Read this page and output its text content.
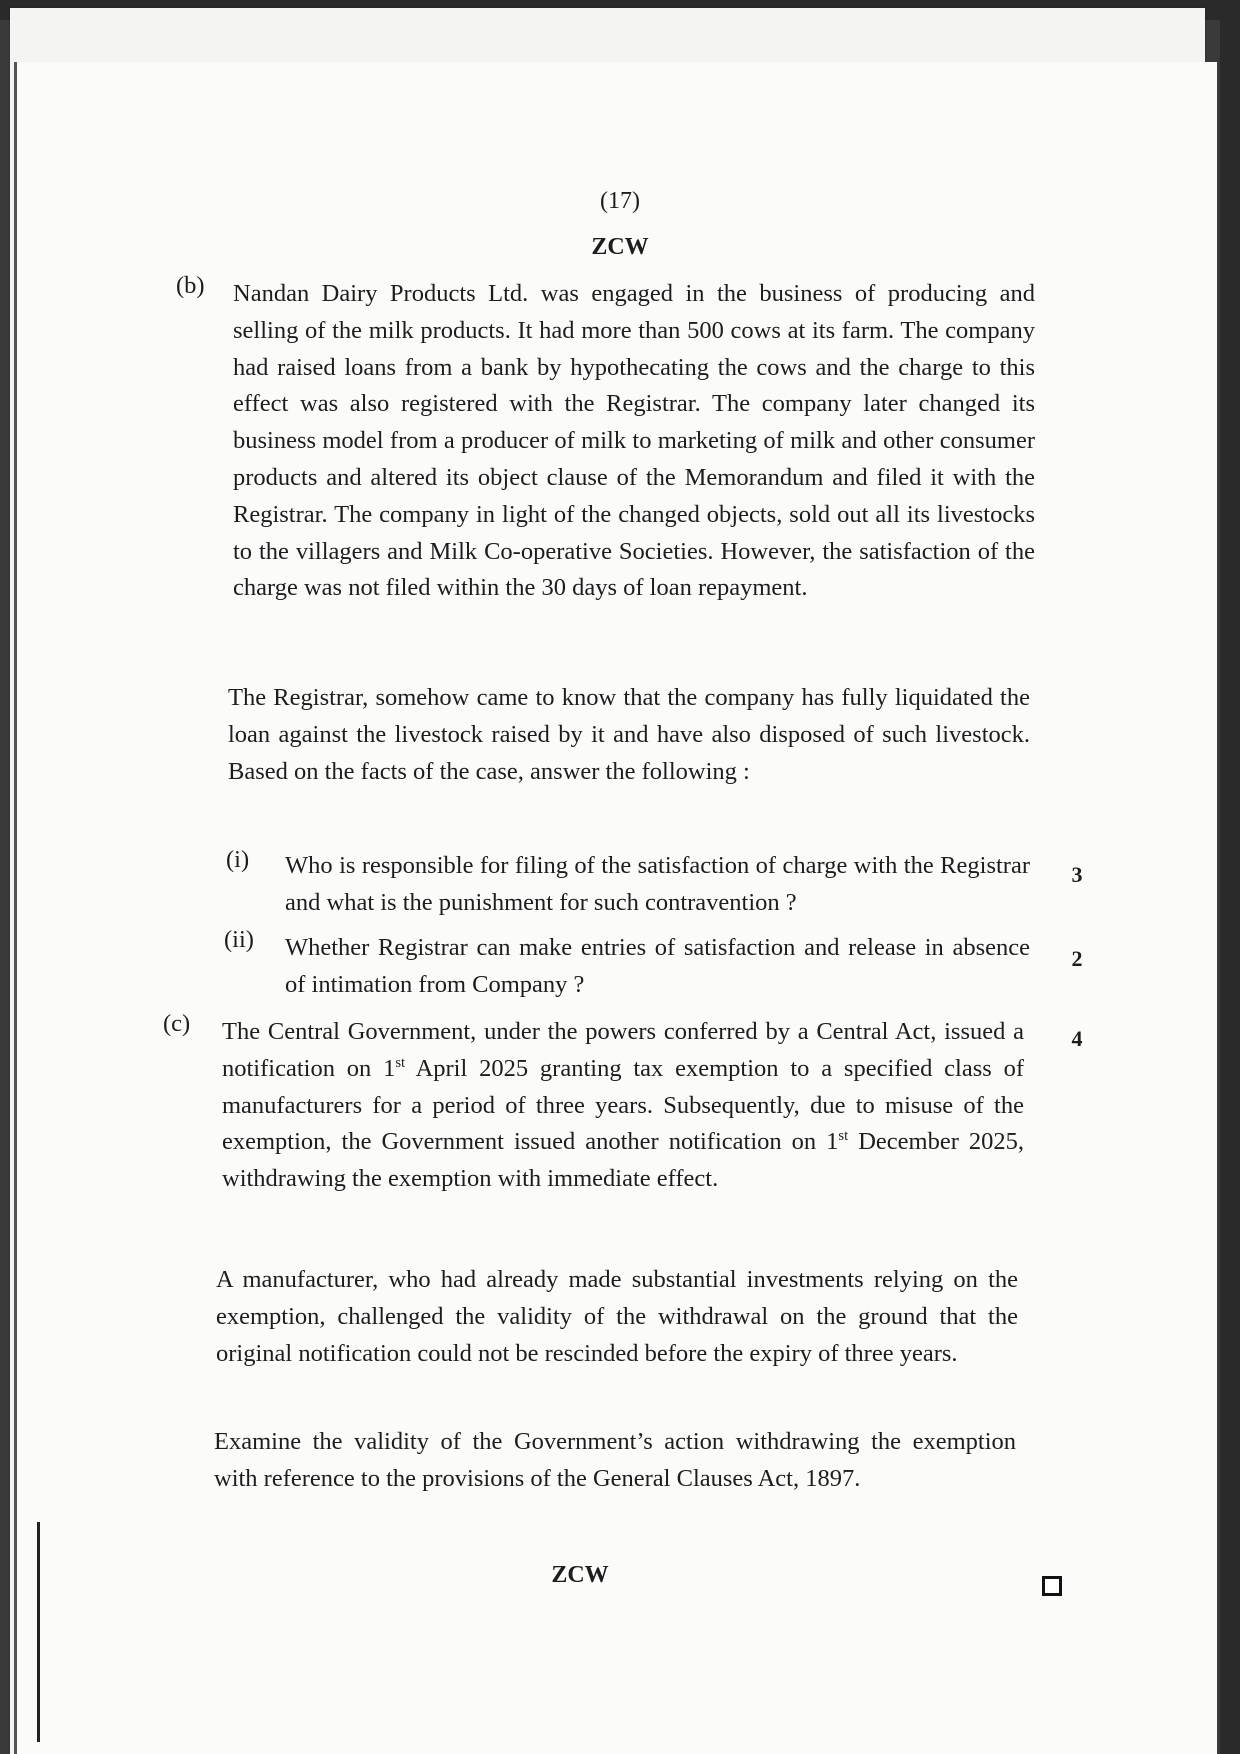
(17)
ZCW
(b) Nandan Dairy Products Ltd. was engaged in the business of producing and selling of the milk products. It had more than 500 cows at its farm. The company had raised loans from a bank by hypothecating the cows and the charge to this effect was also registered with the Registrar. The company later changed its business model from a producer of milk to marketing of milk and other consumer products and altered its object clause of the Memorandum and filed it with the Registrar. The company in light of the changed objects, sold out all its livestocks to the villagers and Milk Co-operative Societies. However, the satisfaction of the charge was not filed within the 30 days of loan repayment.
The Registrar, somehow came to know that the company has fully liquidated the loan against the livestock raised by it and have also disposed of such livestock. Based on the facts of the case, answer the following :
(i) Who is responsible for filing of the satisfaction of charge with the Registrar and what is the punishment for such contravention ?
3
(ii) Whether Registrar can make entries of satisfaction and release in absence of intimation from Company ?
2
(c)
4
The Central Government, under the powers conferred by a Central Act, issued a notification on 1st April 2025 granting tax exemption to a specified class of manufacturers for a period of three years. Subsequently, due to misuse of the exemption, the Government issued another notification on 1st December 2025, withdrawing the exemption with immediate effect.
A manufacturer, who had already made substantial investments relying on the exemption, challenged the validity of the withdrawal on the ground that the original notification could not be rescinded before the expiry of three years.
Examine the validity of the Government’s action withdrawing the exemption with reference to the provisions of the General Clauses Act, 1897.
ZCW
